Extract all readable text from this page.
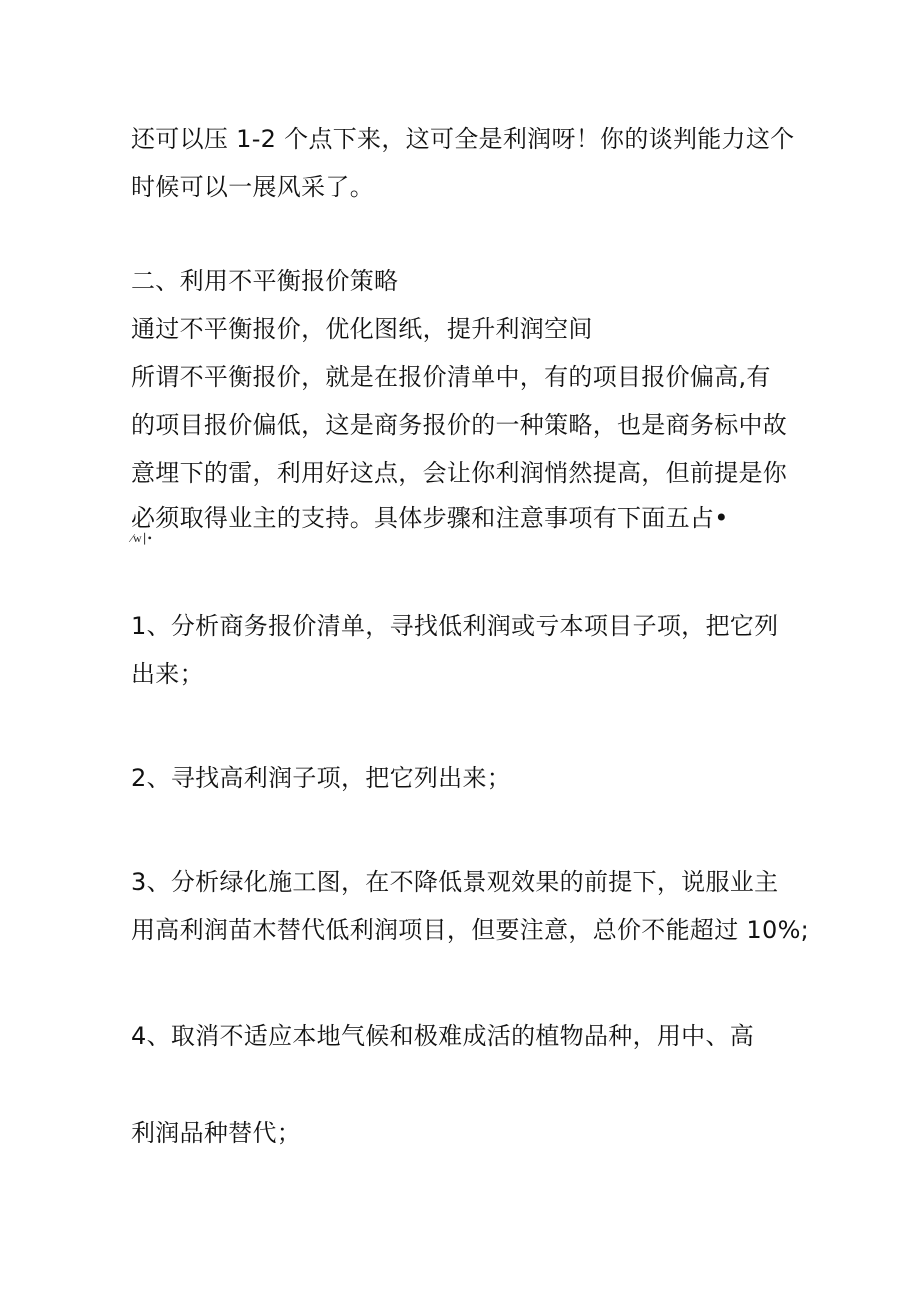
还可以压 1-2 个点下来，这可全是利润呀！你的谈判能力这个
时候可以一展风采了。
二、利用不平衡报价策略
通过不平衡报价，优化图纸，提升利润空间
所谓不平衡报价，就是在报价清单中，有的项目报价偏高,有
的项目报价偏低，这是商务报价的一种策略，也是商务标中故
意埋下的雷，利用好这点，会让你利润悄然提高，但前提是你
必须取得业主的支持。具体步骤和注意事项有下面五占•
∕w∣•
1、分析商务报价清单，寻找低利润或亏本项目子项，把它列
出来；
2、寻找高利润子项，把它列出来；
3、分析绿化施工图，在不降低景观效果的前提下，说服业主
用高利润苗木替代低利润项目，但要注意，总价不能超过 10%;
4、取消不适应本地气候和极难成活的植物品种，用中、高
利润品种替代；
